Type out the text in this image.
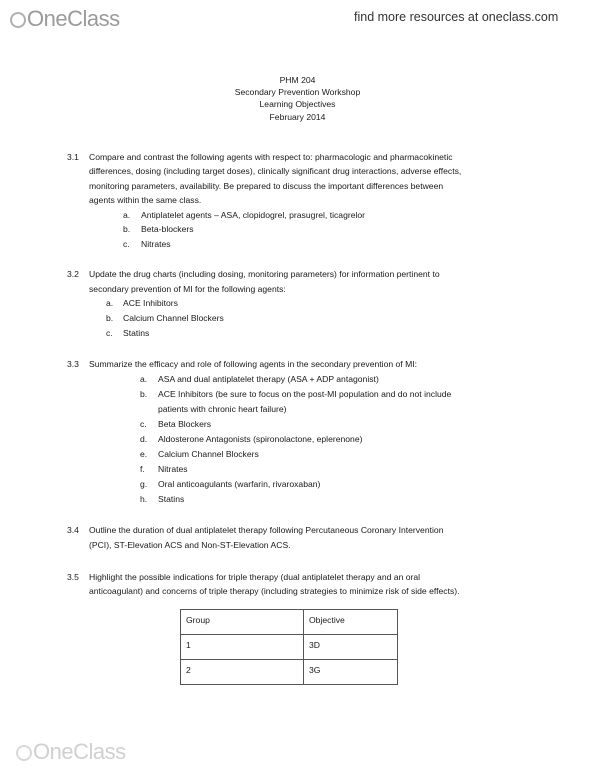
OneClass	find more resources at oneclass.com
PHM 204
Secondary Prevention Workshop
Learning Objectives
February 2014
3.1	Compare and contrast the following agents with respect to: pharmacologic and pharmacokinetic
differences, dosing (including target doses), clinically significant drug interactions, adverse effects,
monitoring parameters, availability. Be prepared to discuss the important differences between
agents within the same class.
a.	Antiplatelet agents – ASA, clopidogrel, prasugrel, ticagrelor
b.	Beta-blockers
c.	Nitrates
3.2	Update the drug charts (including dosing, monitoring parameters) for information pertinent to
secondary prevention of MI for the following agents:
a.	ACE Inhibitors
b.	Calcium Channel Blockers
c.	Statins
3.3	Summarize the efficacy and role of following agents in the secondary prevention of MI:
a.	ASA and dual antiplatelet therapy (ASA + ADP antagonist)
b.	ACE Inhibitors (be sure to focus on the post-MI population and do not include
patients with chronic heart failure)
c.	Beta Blockers
d.	Aldosterone Antagonists (spironolactone, eplerenone)
e.	Calcium Channel Blockers
f.	Nitrates
g.	Oral anticoagulants (warfarin, rivaroxaban)
h.	Statins
3.4	Outline the duration of dual antiplatelet therapy following Percutaneous Coronary Intervention
(PCI), ST-Elevation ACS and Non-ST-Elevation ACS.
3.5	Highlight the possible indications for triple therapy (dual antiplatelet therapy and an oral
anticoagulant) and concerns of triple therapy (including strategies to minimize risk of side effects).
Group	Objective
1	3D
2	3G
OneClass
